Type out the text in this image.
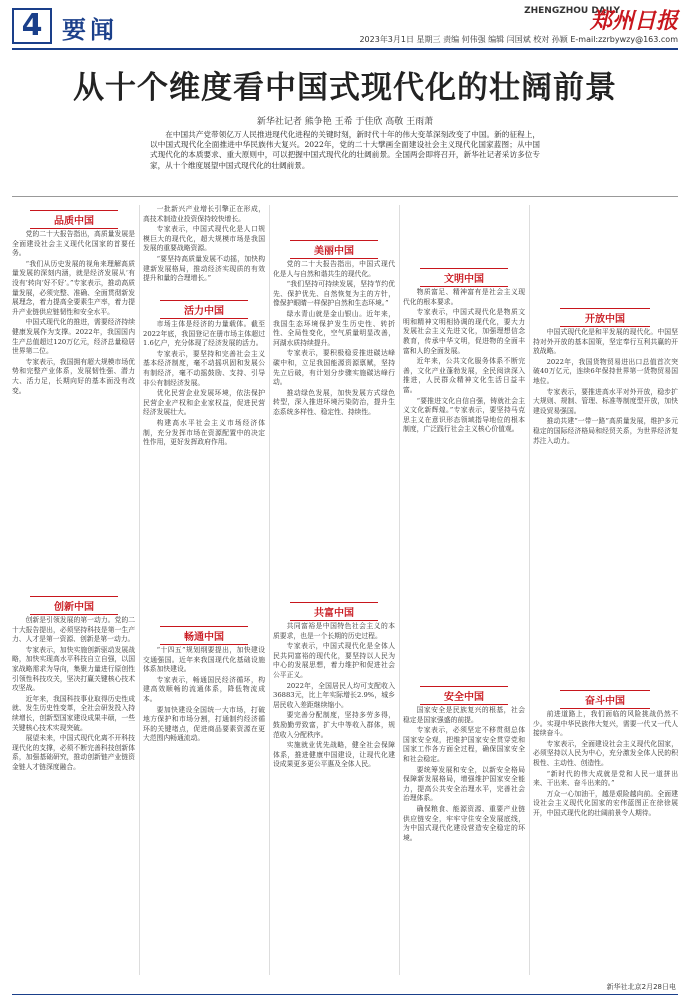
4 要闻
ZHENGZHOU DAILY
郑州日报
2023年3月1日 星期三 责编 何伟强 编辑 闫国斌 校对 孙颖 E-mail:zzrbywzy@163.com
从十个维度看中国式现代化的壮阔前景
新华社记者 熊争艳 王希 于佳欣 高敬 王雨萧
在中国共产党带领亿万人民推进现代化进程的关键时刻，新时代十年的伟大变革深刻改变了中国。新的征程上，以中国式现代化全面推进中华民族伟大复兴。2022年，党的二十大擘画全面建设社会主义现代化国家蓝图；从中国式现代化的本质要求、重大原则中，可以把握中国式现代化的壮阔前景。全国两会即将召开，新华社记者采访多位专家，从十个维度展望中国式现代化的壮阔前景。
品质中国

党的二十大报告指出，高质量发展是全面建设社会主义现代化国家的首要任务。

“我们从历史发展的视角来理解高质量发展的深刻内涵，就是经济发展从‘有没有’转向‘好不好’。”专家表示，推动高质量发展，必须完整、准确、全面贯彻新发展理念，着力提高全要素生产率，着力提升产业链供应链韧性和安全水平。

中国式现代化的推进，需要经济持续健康发展作为支撑。2022年，我国国内生产总值超过120万亿元，经济总量稳居世界第二位。

专家表示，我国拥有超大规模市场优势和完整产业体系，发展韧性强、潜力大、活力足，长期向好的基本面没有改变。

创新中国

创新是引领发展的第一动力。党的二十大报告提出，必须坚持科技是第一生产力、人才是第一资源、创新是第一动力。

专家表示，加快实施创新驱动发展战略，加快实现高水平科技自立自强，以国家战略需求为导向，集聚力量进行原创性引领性科技攻关，坚决打赢关键核心技术攻坚战。

近年来，我国科技事业取得历史性成就、发生历史性变革，全社会研发投入持续增长，创新型国家建设成果丰硕，一些关键核心技术实现突破。

展望未来，中国式现代化离不开科技现代化的支撑，必须不断完善科技创新体系，加强基础研究，推动创新链产业链资金链人才链深度融合。

一批新兴产业增长引擎正在形成，高技术制造业投资保持较快增长。

专家表示，中国式现代化是人口规模巨大的现代化，超大规模市场是我国发展的重要战略资源。

“要坚持高质量发展不动摇，加快构建新发展格局，推动经济实现质的有效提升和量的合理增长。”

活力中国

市场主体是经济的力量载体。截至2022年底，我国登记在册市场主体超过1.6亿户，充分体现了经济发展的活力。

专家表示，要坚持和完善社会主义基本经济制度，毫不动摇巩固和发展公有制经济，毫不动摇鼓励、支持、引导非公有制经济发展。

优化民营企业发展环境，依法保护民营企业产权和企业家权益，促进民营经济发展壮大。

构建高水平社会主义市场经济体制，充分发挥市场在资源配置中的决定性作用，更好发挥政府作用。

畅通中国

“十四五”规划纲要提出，加快建设交通强国。近年来我国现代化基础设施体系加快建设。

专家表示，畅通国民经济循环，构建高效顺畅的流通体系，降低物流成本。

要加快建设全国统一大市场，打破地方保护和市场分割，打通制约经济循环的关键堵点，促进商品要素资源在更大范围内畅通流动。

美丽中国

党的二十大报告指出，中国式现代化是人与自然和谐共生的现代化。

“我们坚持可持续发展，坚持节约优先、保护优先、自然恢复为主的方针，像保护眼睛一样保护自然和生态环境。”

绿水青山就是金山银山。近年来，我国生态环境保护发生历史性、转折性、全局性变化，空气质量明显改善，河湖水质持续提升。

专家表示，要积极稳妥推进碳达峰碳中和，立足我国能源资源禀赋，坚持先立后破，有计划分步骤实施碳达峰行动。

推动绿色发展，加快发展方式绿色转型，深入推进环境污染防治，提升生态系统多样性、稳定性、持续性。

共富中国

共同富裕是中国特色社会主义的本质要求，也是一个长期的历史过程。

专家表示，中国式现代化是全体人民共同富裕的现代化，要坚持以人民为中心的发展思想，着力维护和促进社会公平正义。

2022年，全国居民人均可支配收入36883元，比上年实际增长2.9%，城乡居民收入差距继续缩小。

要完善分配制度，坚持多劳多得，鼓励勤劳致富，扩大中等收入群体，规范收入分配秩序。

实施就业优先战略，健全社会保障体系，推进健康中国建设，让现代化建设成果更多更公平惠及全体人民。

文明中国

物质富足、精神富有是社会主义现代化的根本要求。

专家表示，中国式现代化是物质文明和精神文明相协调的现代化，要大力发展社会主义先进文化，加强理想信念教育，传承中华文明，促进物的全面丰富和人的全面发展。

近年来，公共文化服务体系不断完善，文化产业蓬勃发展，全民阅读深入推进，人民群众精神文化生活日益丰富。

“要推进文化自信自强，铸就社会主义文化新辉煌。”专家表示，要坚持马克思主义在意识形态领域指导地位的根本制度，广泛践行社会主义核心价值观。

安全中国

国家安全是民族复兴的根基，社会稳定是国家强盛的前提。

专家表示，必须坚定不移贯彻总体国家安全观，把维护国家安全贯穿党和国家工作各方面全过程，确保国家安全和社会稳定。

要统筹发展和安全，以新安全格局保障新发展格局，增强维护国家安全能力，提高公共安全治理水平，完善社会治理体系。

确保粮食、能源资源、重要产业链供应链安全，牢牢守住安全发展底线，为中国式现代化建设营造安全稳定的环境。

开放中国

中国式现代化是和平发展的现代化。中国坚持对外开放的基本国策，坚定奉行互利共赢的开放战略。

2022年，我国货物贸易进出口总值首次突破40万亿元，连续6年保持世界第一货物贸易国地位。

专家表示，要推进高水平对外开放，稳步扩大规则、规制、管理、标准等制度型开放，加快建设贸易强国。

推动共建“一带一路”高质量发展，维护多元稳定的国际经济格局和经贸关系，为世界经济复苏注入动力。

奋斗中国

前进道路上，我们面临的风险挑战仍然不少。实现中华民族伟大复兴，需要一代又一代人接续奋斗。

专家表示，全面建设社会主义现代化国家，必须坚持以人民为中心，充分激发全体人民的积极性、主动性、创造性。

“新时代的伟大成就是党和人民一道拼出来、干出来、奋斗出来的。”

万众一心加油干，越是艰险越向前。全面建设社会主义现代化国家的宏伟蓝图正在徐徐展开，中国式现代化的壮阔前景令人期待。

新华社北京2月28日电
